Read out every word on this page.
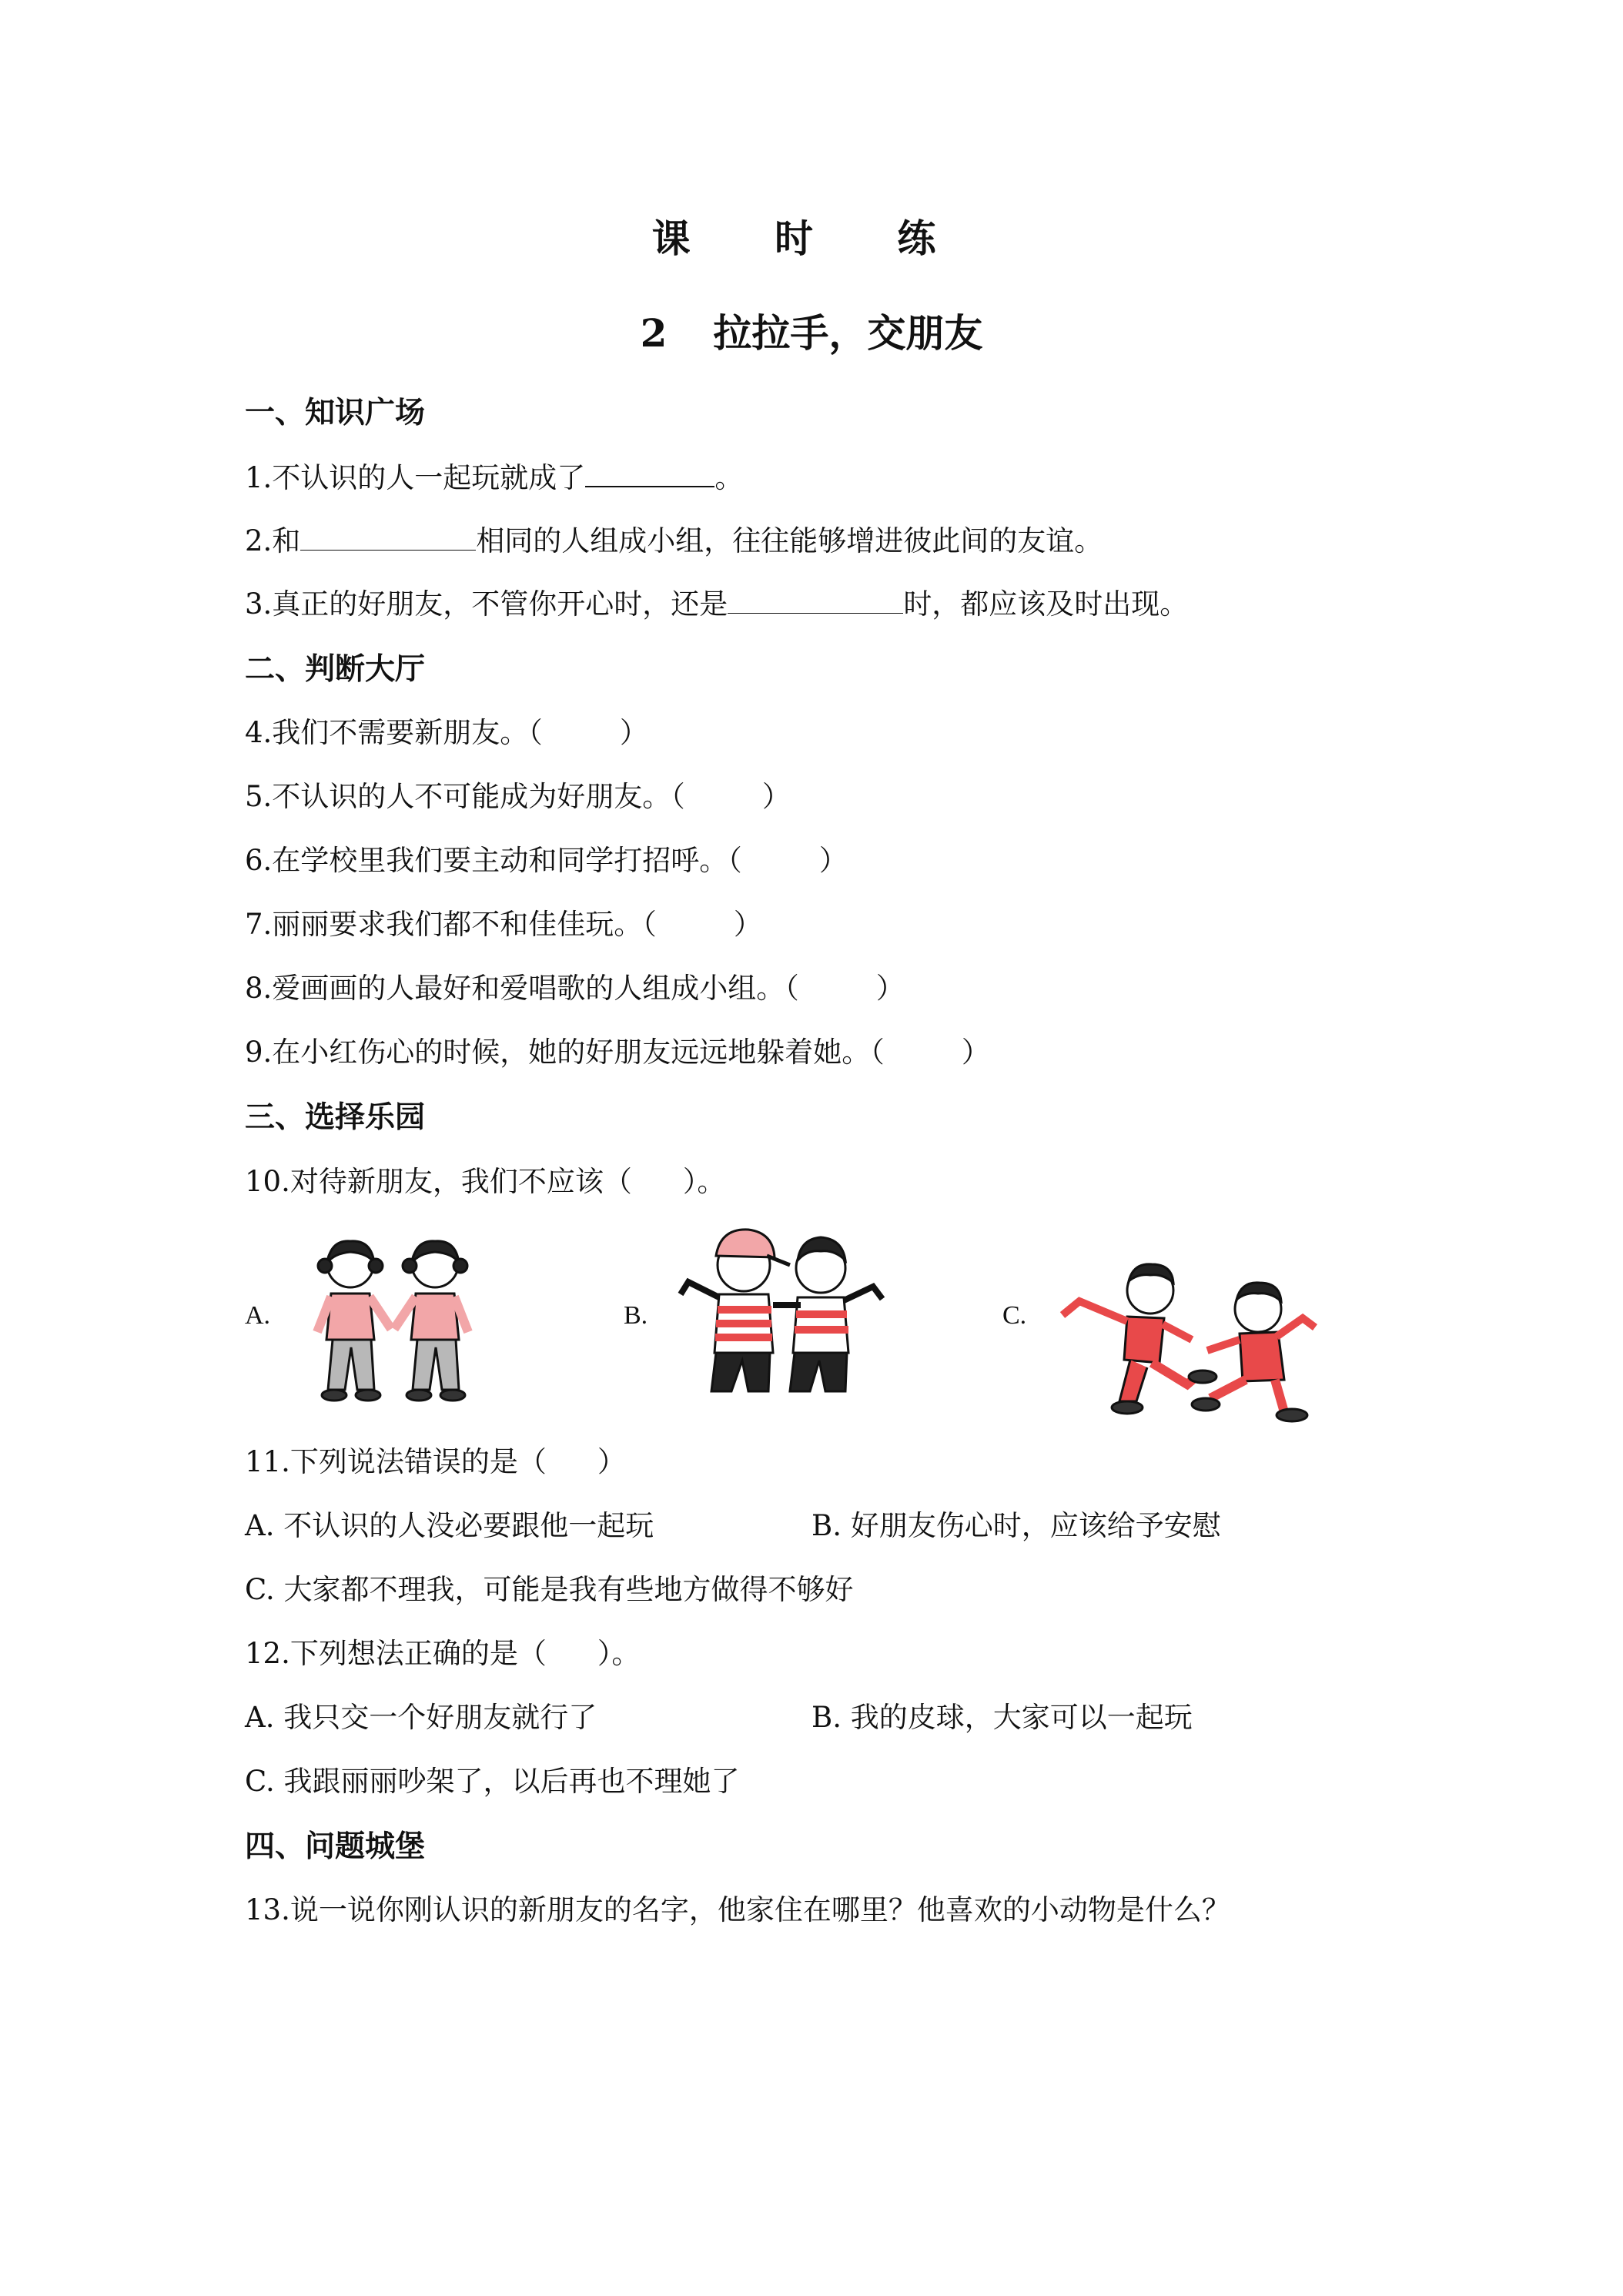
课 时 练
2 拉拉手，交朋友
一、知识广场
1.不认识的人一起玩就成了	。
2.和	相同的人组成小组，往往能够增进彼此间的友谊。
3.真正的好朋友，不管你开心时，还是	时，都应该及时出现。
二、判断大厅
4.我们不需要新朋友。（	）
5.不认识的人不可能成为好朋友。（	）
6.在学校里我们要主动和同学打招呼。（	）
7.丽丽要求我们都不和佳佳玩。（	）
8.爱画画的人最好和爱唱歌的人组成小组。（	）
9.在小红伤心的时候，她的好朋友远远地躲着她。（	）
三、选择乐园
10.对待新朋友，我们不应该（ ）。
A.	B.	C.
11.下列说法错误的是（ ）
A. 不认识的人没必要跟他一起玩	B. 好朋友伤心时，应该给予安慰
C. 大家都不理我，可能是我有些地方做得不够好
12.下列想法正确的是（ ）。
A. 我只交一个好朋友就行了	B. 我的皮球，大家可以一起玩
C. 我跟丽丽吵架了，以后再也不理她了
四、问题城堡
13.说一说你刚认识的新朋友的名字，他家住在哪里？他喜欢的小动物是什么？
